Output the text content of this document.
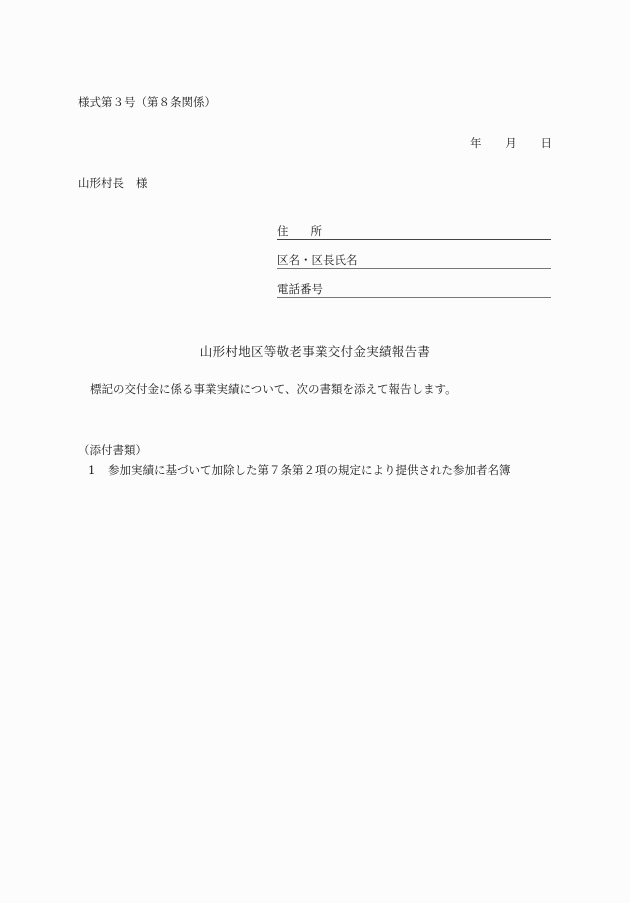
様式第３号（第８条関係）
年 月 日
山形村長 様
住 所
区名・区長氏名
電話番号
山形村地区等敬老事業交付金実績報告書
標記の交付金に係る事業実績について、次の書類を添えて報告します。
（添付書類）
1 参加実績に基づいて加除した第７条第２項の規定により提供された参加者名簿
